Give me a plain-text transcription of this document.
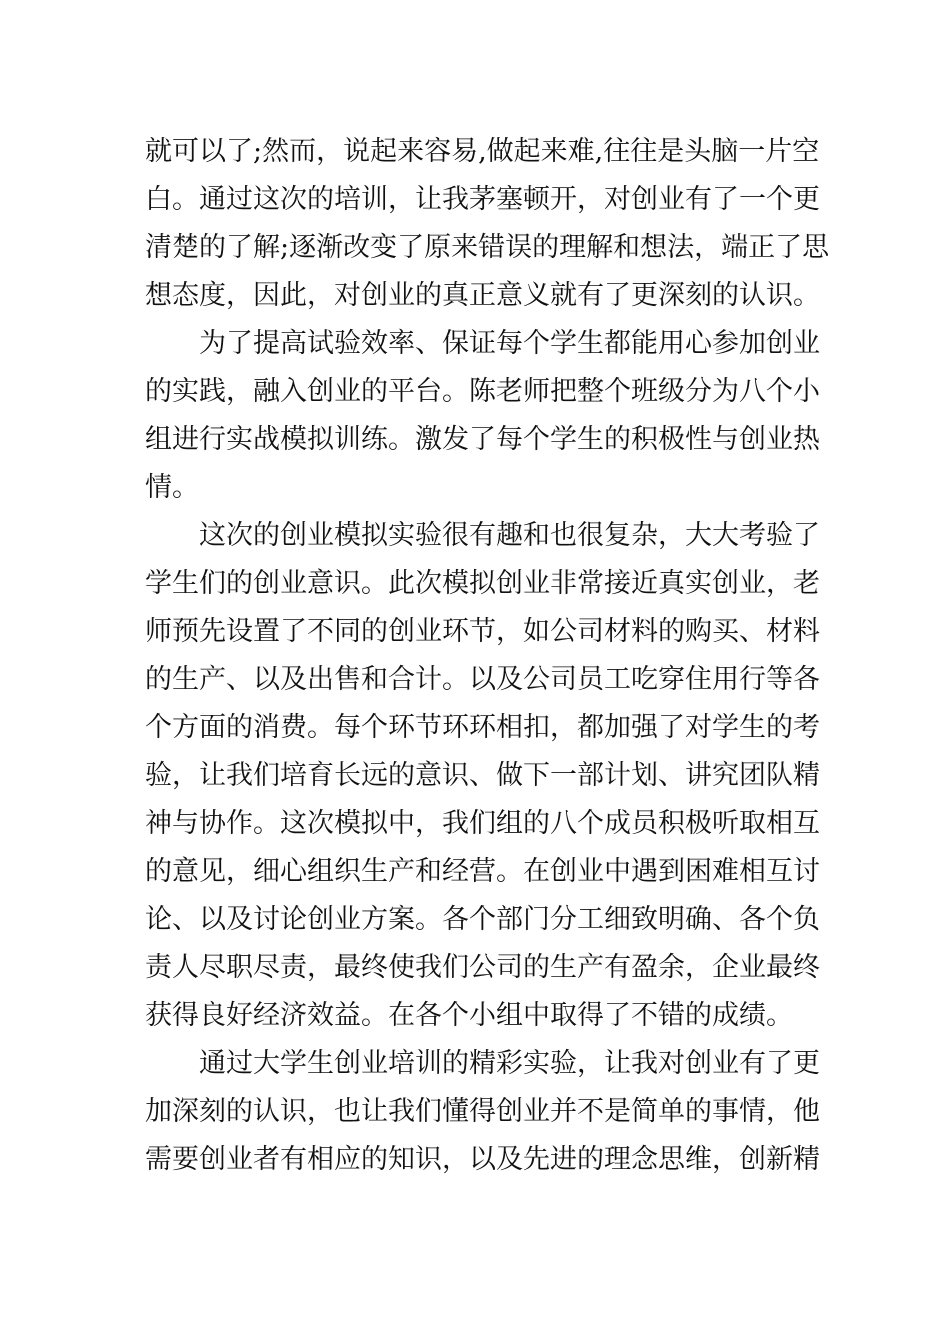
就可以了;然而，说起来容易,做起来难,往往是头脑一片空
白。通过这次的培训，让我茅塞顿开，对创业有了一个更
清楚的了解;逐渐改变了原来错误的理解和想法，端正了思
想态度，因此，对创业的真正意义就有了更深刻的认识。
为了提高试验效率、保证每个学生都能用心参加创业
的实践，融入创业的平台。陈老师把整个班级分为八个小
组进行实战模拟训练。激发了每个学生的积极性与创业热
情。
这次的创业模拟实验很有趣和也很复杂，大大考验了
学生们的创业意识。此次模拟创业非常接近真实创业，老
师预先设置了不同的创业环节，如公司材料的购买、材料
的生产、以及出售和合计。以及公司员工吃穿住用行等各
个方面的消费。每个环节环环相扣，都加强了对学生的考
验，让我们培育长远的意识、做下一部计划、讲究团队精
神与协作。这次模拟中，我们组的八个成员积极听取相互
的意见，细心组织生产和经营。在创业中遇到困难相互讨
论、以及讨论创业方案。各个部门分工细致明确、各个负
责人尽职尽责，最终使我们公司的生产有盈余，企业最终
获得良好经济效益。在各个小组中取得了不错的成绩。
通过大学生创业培训的精彩实验，让我对创业有了更
加深刻的认识，也让我们懂得创业并不是简单的事情，他
需要创业者有相应的知识，以及先进的理念思维，创新精
